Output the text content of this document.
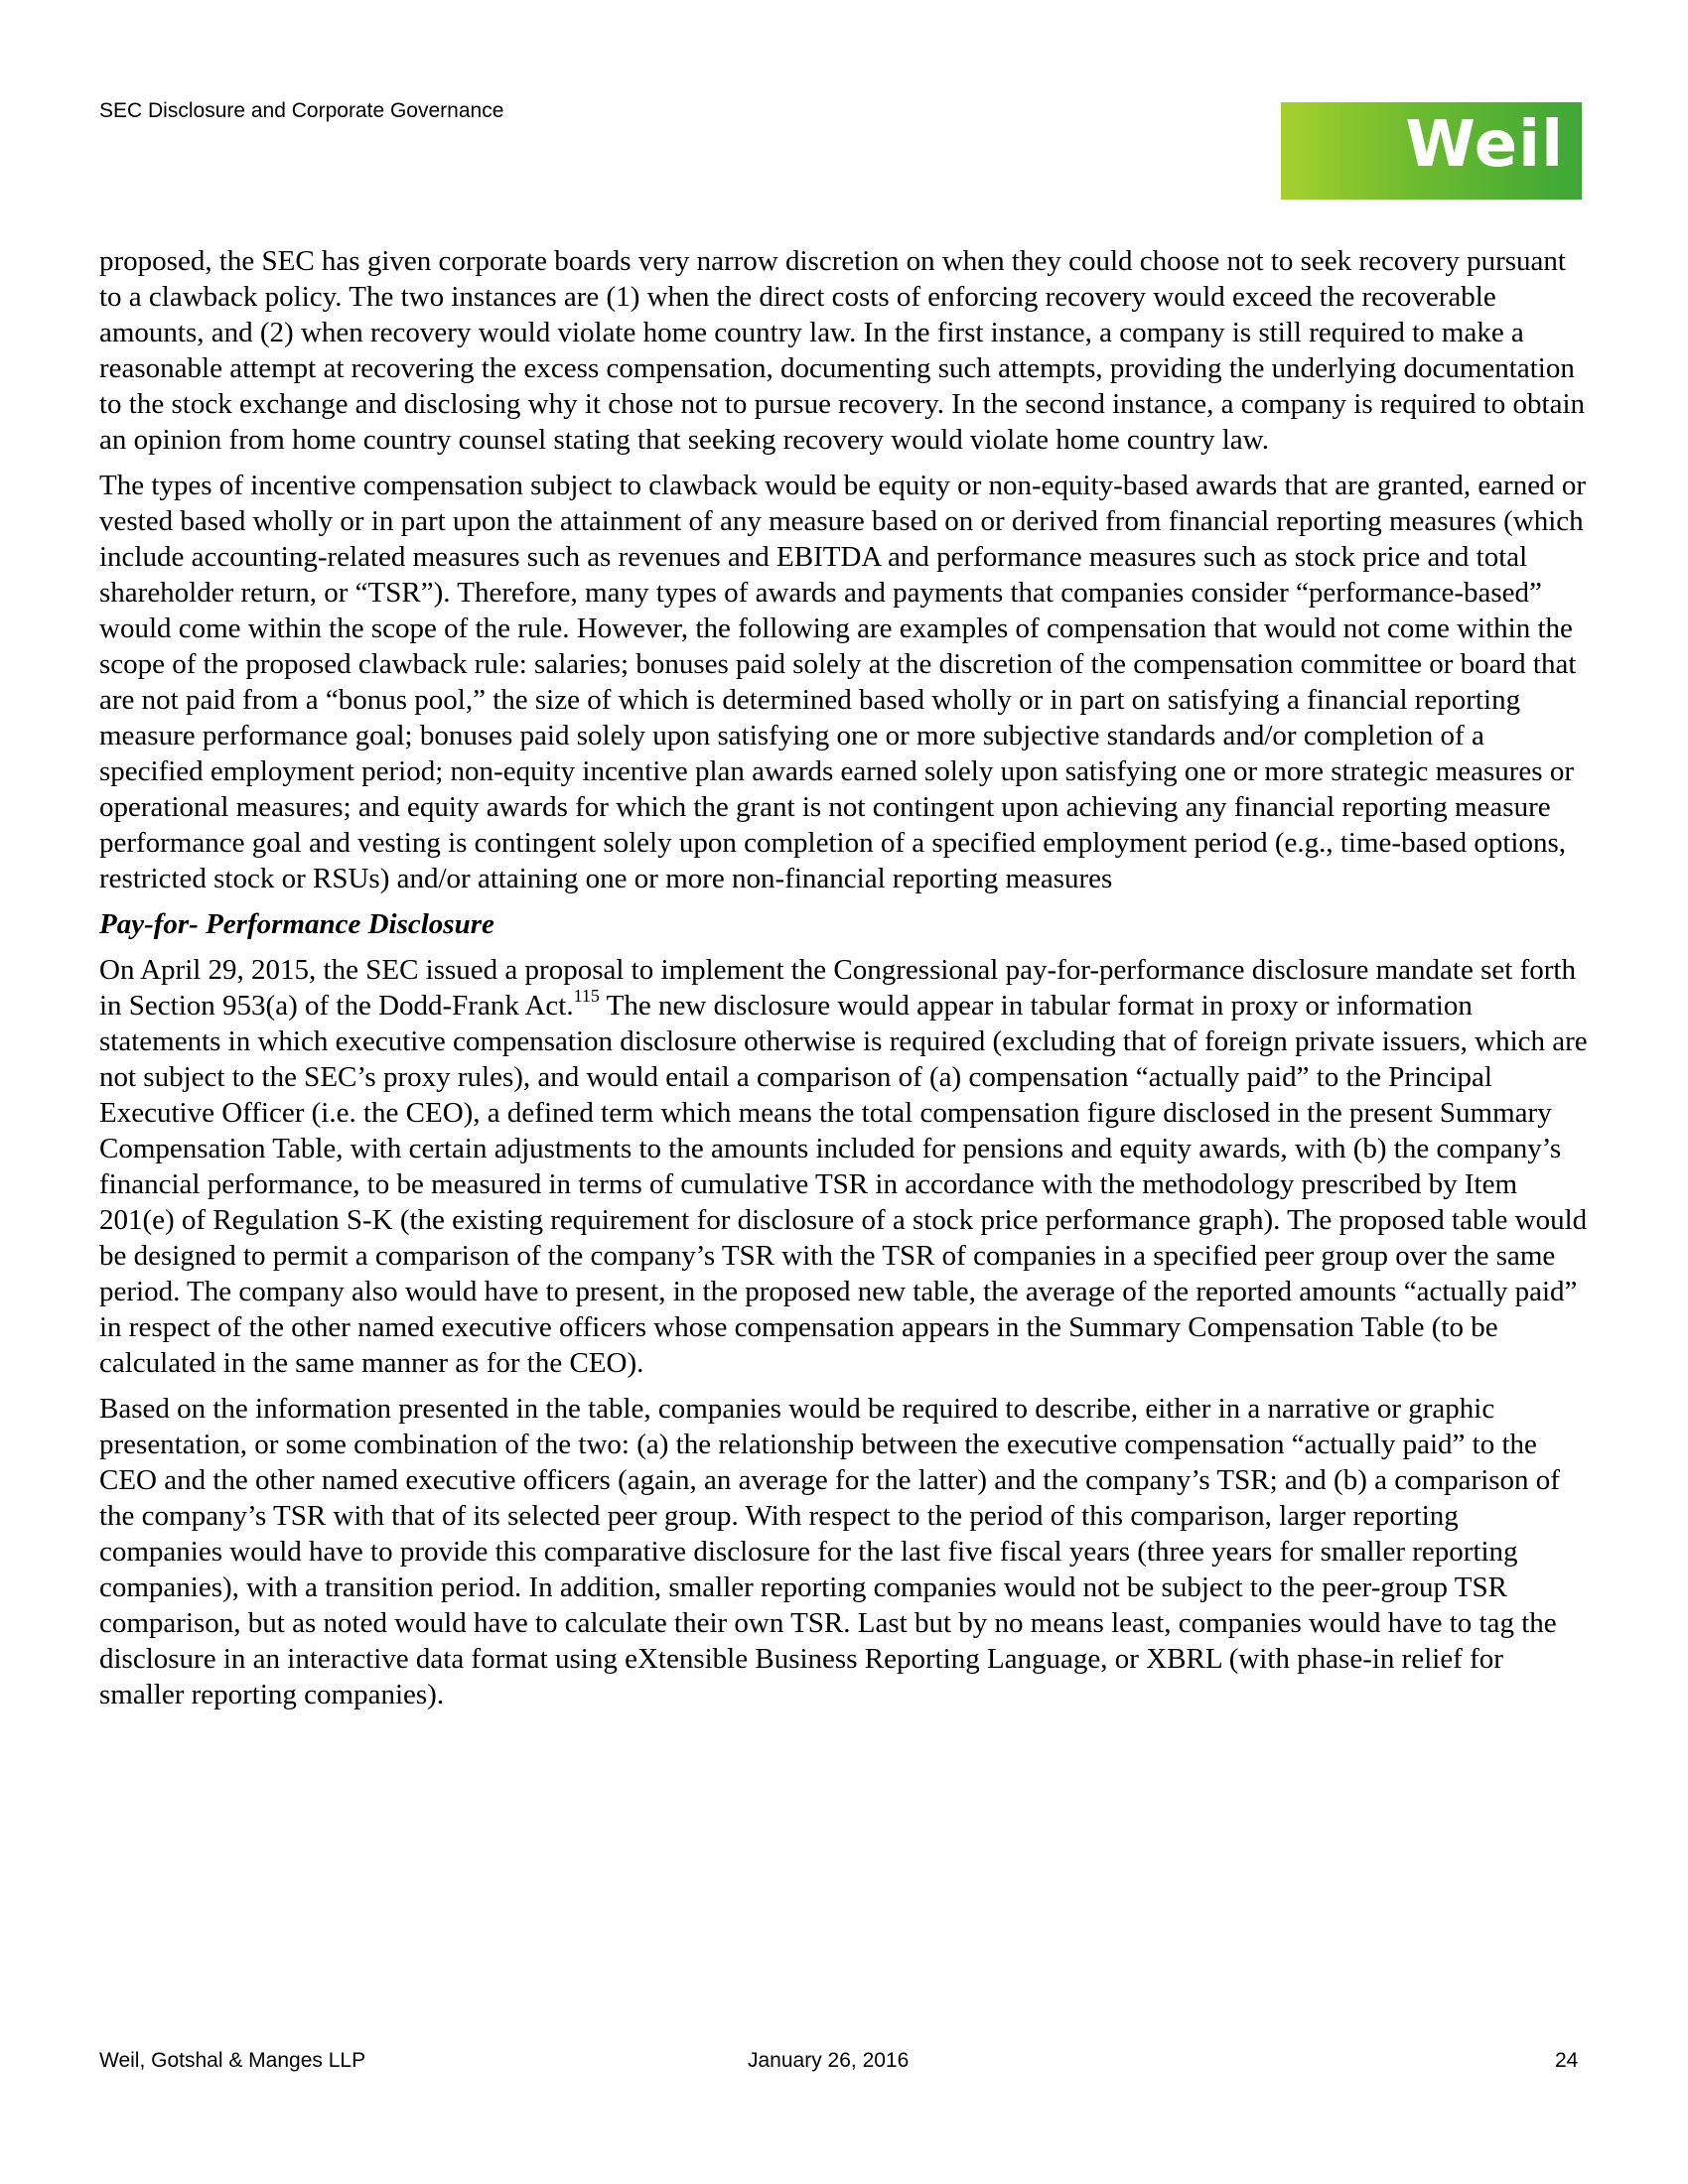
SEC Disclosure and Corporate Governance	Weil

proposed, the SEC has given corporate boards very narrow discretion on when they could choose not to seek recovery pursuant to a clawback policy. The two instances are (1) when the direct costs of enforcing recovery would exceed the recoverable amounts, and (2) when recovery would violate home country law. In the first instance, a company is still required to make a reasonable attempt at recovering the excess compensation, documenting such attempts, providing the underlying documentation to the stock exchange and disclosing why it chose not to pursue recovery. In the second instance, a company is required to obtain an opinion from home country counsel stating that seeking recovery would violate home country law.

The types of incentive compensation subject to clawback would be equity or non-equity-based awards that are granted, earned or vested based wholly or in part upon the attainment of any measure based on or derived from financial reporting measures (which include accounting-related measures such as revenues and EBITDA and performance measures such as stock price and total shareholder return, or “TSR”). Therefore, many types of awards and payments that companies consider “performance-based” would come within the scope of the rule. However, the following are examples of compensation that would not come within the scope of the proposed clawback rule: salaries; bonuses paid solely at the discretion of the compensation committee or board that are not paid from a “bonus pool,” the size of which is determined based wholly or in part on satisfying a financial reporting measure performance goal; bonuses paid solely upon satisfying one or more subjective standards and/or completion of a specified employment period; non-equity incentive plan awards earned solely upon satisfying one or more strategic measures or operational measures; and equity awards for which the grant is not contingent upon achieving any financial reporting measure performance goal and vesting is contingent solely upon completion of a specified employment period (e.g., time-based options, restricted stock or RSUs) and/or attaining one or more non-financial reporting measures

Pay-for- Performance Disclosure

On April 29, 2015, the SEC issued a proposal to implement the Congressional pay-for-performance disclosure mandate set forth in Section 953(a) of the Dodd-Frank Act.$^{115}$ The new disclosure would appear in tabular format in proxy or information statements in which executive compensation disclosure otherwise is required (excluding that of foreign private issuers, which are not subject to the SEC’s proxy rules), and would entail a comparison of (a) compensation “actually paid” to the Principal Executive Officer (i.e. the CEO), a defined term which means the total compensation figure disclosed in the present Summary Compensation Table, with certain adjustments to the amounts included for pensions and equity awards, with (b) the company’s financial performance, to be measured in terms of cumulative TSR in accordance with the methodology prescribed by Item 201(e) of Regulation S-K (the existing requirement for disclosure of a stock price performance graph). The proposed table would be designed to permit a comparison of the company’s TSR with the TSR of companies in a specified peer group over the same period. The company also would have to present, in the proposed new table, the average of the reported amounts “actually paid” in respect of the other named executive officers whose compensation appears in the Summary Compensation Table (to be calculated in the same manner as for the CEO).

Based on the information presented in the table, companies would be required to describe, either in a narrative or graphic presentation, or some combination of the two: (a) the relationship between the executive compensation “actually paid” to the CEO and the other named executive officers (again, an average for the latter) and the company’s TSR; and (b) a comparison of the company’s TSR with that of its selected peer group. With respect to the period of this comparison, larger reporting companies would have to provide this comparative disclosure for the last five fiscal years (three years for smaller reporting companies), with a transition period. In addition, smaller reporting companies would not be subject to the peer-group TSR comparison, but as noted would have to calculate their own TSR. Last but by no means least, companies would have to tag the disclosure in an interactive data format using eXtensible Business Reporting Language, or XBRL (with phase-in relief for smaller reporting companies).

Weil, Gotshal & Manges LLP	January 26, 2016	24
